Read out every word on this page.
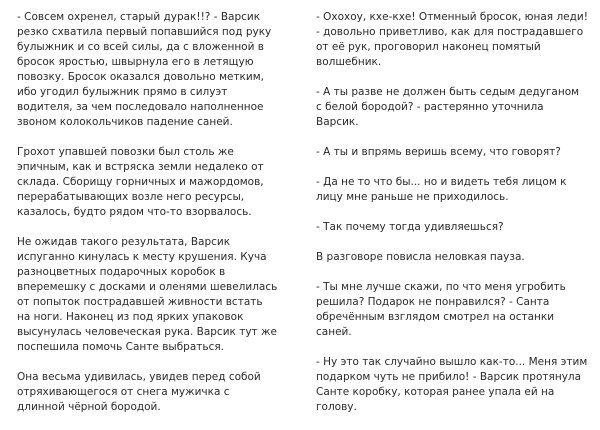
- Совсем охренел, старый дурак!!? - Варсик резко схватила первый попавшийся под руку булыжник и со всей силы, да с вложенной в бросок яростью, швырнула его в летящую повозку. Бросок оказался довольно метким, ибо угодил булыжник прямо в силуэт водителя, за чем последовало наполненное звоном колокольчиков падение саней.

Грохот упавшей повозки был столь же эпичным, как и встряска земли недалеко от склада. Сборищу горничных и мажордомов, перерабатывающих возле него ресурсы, казалось, будто рядом что-то взорвалось.

Не ожидав такого результата, Варсик испуганно кинулась к месту крушения. Куча разноцветных подарочных коробок в вперемешку с досками и оленями шевелилась от попыток пострадавшей живности встать на ноги. Наконец из под ярких упаковок высунулась человеческая рука. Варсик тут же поспешила помочь Санте выбраться.

Она весьма удивилась, увидев перед собой отряхивающегося от снега мужичка с длинной чёрной бородой.

- Охохоу, кхе-кхе! Отменный бросок, юная леди! - довольно приветливо, как для пострадавшего от её рук, проговорил наконец помятый волшебник.

- А ты разве не должен быть седым дедуганом с белой бородой? - растерянно уточнила Варсик.

- А ты и впрямь веришь всему, что говорят?

- Да не то что бы... но и видеть тебя лицом к лицу мне раньше не приходилось.

- Так почему тогда удивляешься?

В разговоре повисла неловкая пауза.

- Ты мне лучше скажи, по что меня угробить решила? Подарок не понравился? - Санта обречённым взглядом смотрел на останки саней.

- Ну это так случайно вышло как-то... Меня этим подарком чуть не прибило! - Варсик протянула Санте коробку, которая ранее упала ей на голову.
